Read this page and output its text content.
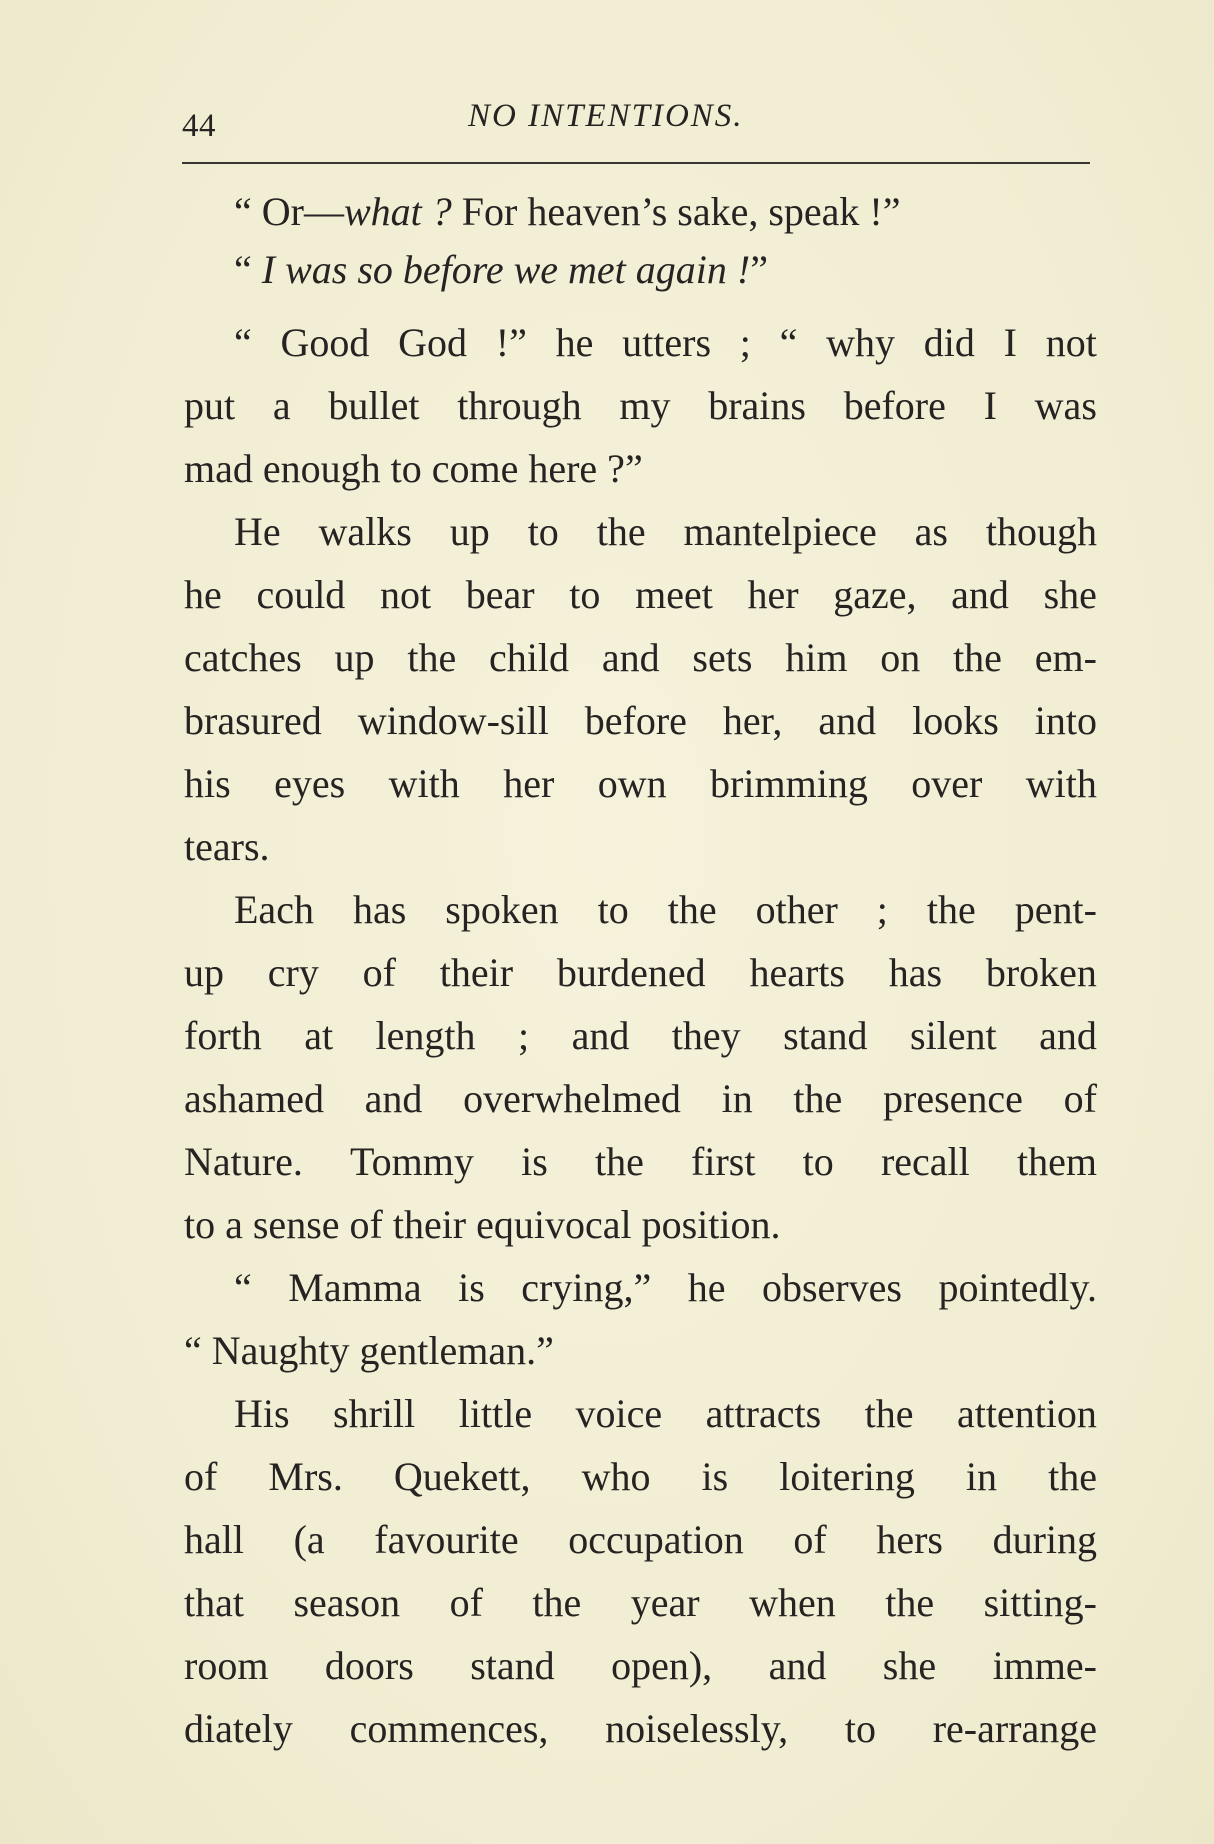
44	NO INTENTIONS.
“ Or—what ? For heaven’s sake, speak !”
“ I was so before we met again !”
“ Good God !” he utters ; “ why did I not
put a bullet through my brains before I was
mad enough to come here ?”
He walks up to the mantelpiece as though
he could not bear to meet her gaze, and she
catches up the child and sets him on the em-
brasured window-sill before her, and looks into
his eyes with her own brimming over with
tears.
Each has spoken to the other ; the pent-
up cry of their burdened hearts has broken
forth at length ; and they stand silent and
ashamed and overwhelmed in the presence of
Nature. Tommy is the first to recall them
to a sense of their equivocal position.
“ Mamma is crying,” he observes pointedly.
“ Naughty gentleman.”
His shrill little voice attracts the attention
of Mrs. Quekett, who is loitering in the
hall (a favourite occupation of hers during
that season of the year when the sitting-
room doors stand open), and she imme-
diately commences, noiselessly, to re-arrange
